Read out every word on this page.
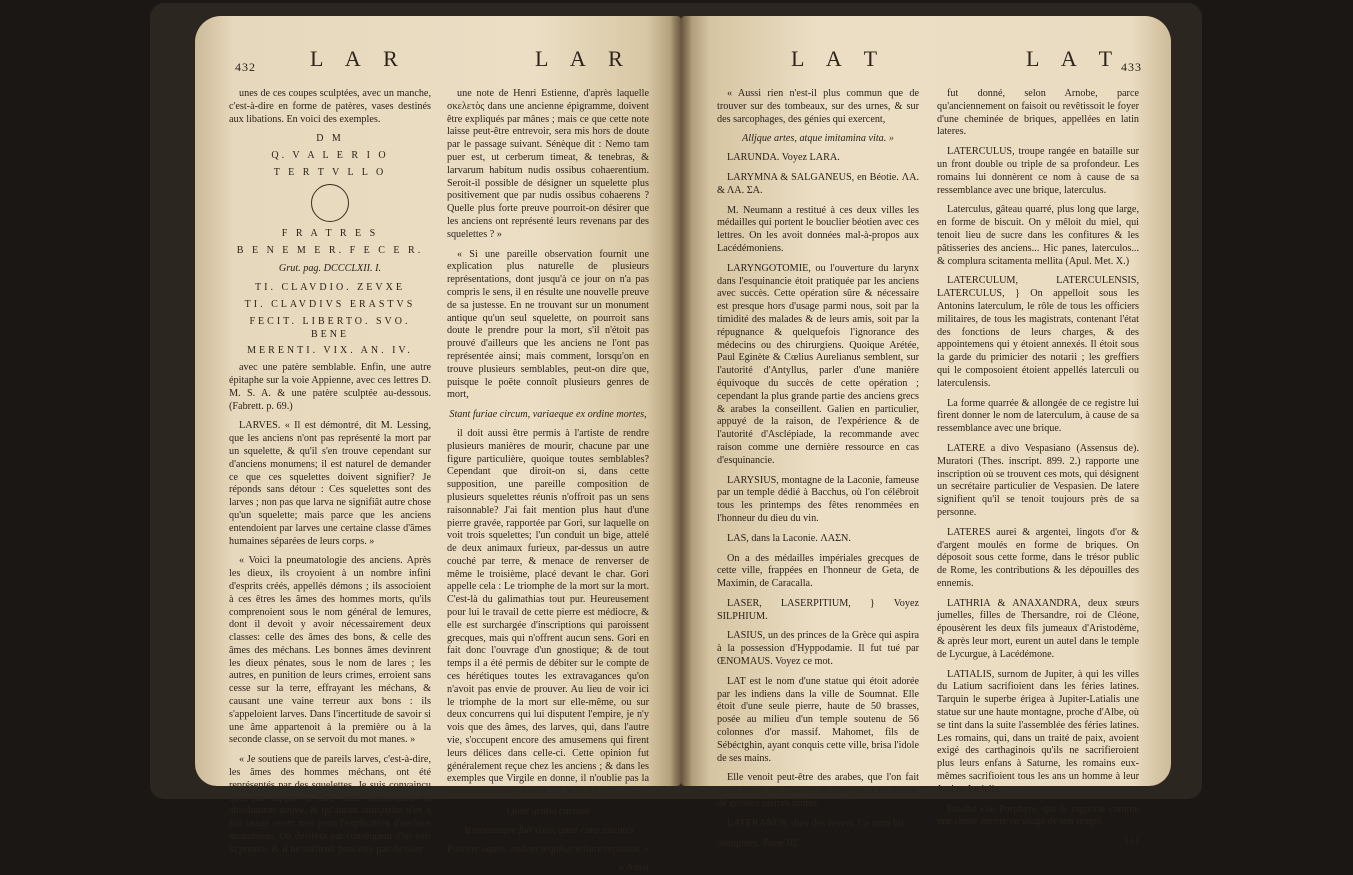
432 L A R	L A R

unes de ces coupes sculptées, avec un manche, c'est-à-dire en forme de patères, vases destinés aux libations. En voici des exemples.

D M
Q. V A L E R I O
T E R T V L L O
F R A T R E S
B E N E M E R. F E C E R.
Grut. pag. DCCCLXII. I.
TI. CLAVDIO. ZEVXE
TI. CLAVDIVS ERASTVS
FECIT. LIBERTO. SVO. BENE
MERENTI. VIX. AN. IV.

avec une patère semblable. Enfin, une autre épitaphe sur la voie Appienne, avec ces lettres D. M. S. A. & une patère sculptée au-dessous. (Fabrett. p. 69.)

LARVES. « Il est démontré, dit M. Lessing, que les anciens n'ont pas représenté la mort par un squelette, & qu'il s'en trouve cependant sur d'anciens monumens; il est naturel de demander ce que ces squelettes doivent signifier? Je réponds sans détour : Ces squelettes sont des larves ; non pas que larva ne signifiât autre chose qu'un squelette; mais parce que les anciens entendoient par larves une certaine classe d'âmes humaines séparées de leurs corps. »

« Voici la pneumatologie des anciens. Après les dieux, ils croyoient à un nombre infini d'esprits créés, appellés démons ; ils associoient à ces êtres les âmes des hommes morts, qu'ils comprenoient sous le nom général de lemures, dont il devoit y avoir nécessairement deux classes: celle des âmes des bons, & celle des âmes des méchans. Les bonnes âmes devinrent les dieux pénates, sous le nom de lares ; les autres, en punition de leurs crimes, erroient sans cesse sur la terre, effrayant les méchans, & causant une vaine terreur aux bons : ils s'appeloient larves. Dans l'incertitude de savoir si une âme appartenoit à la première ou à la seconde classe, on se servoit du mot manes. »

« Je soutiens que de pareils larves, c'est-à-dire, les âmes des hommes méchans, ont été représentés par des squelettes. Je suis convaincu que, par rapport à l'art, cette observation est absolument neuve, & qu'aucun antiquaire n'en a fait usage avant moi pour l'explication d'anciens monumens. On désirera par conséquent d'en voir la preuve, & il ne suffiroit peut-être pas de citer

une note de Henri Estienne, d'après laquelle σκελετὸς dans une ancienne épigramme, doivent être expliqués par mânes ; mais ce que cette note laisse peut-être entrevoir, sera mis hors de doute par le passage suivant. Sénèque dit : Nemo tam puer est, ut cerberum timeat, & tenebras, & larvarum habitum nudis ossibus cohaerentium. Seroit-il possible de désigner un squelette plus positivement que par nudis ossibus cohaerens ? Quelle plus forte preuve pourroit-on désirer que les anciens ont représenté leurs revenans par des squelettes ? »

« Si une pareille observation fournit une explication plus naturelle de plusieurs représentations, dont jusqu'à ce jour on n'a pas compris le sens, il en résulte une nouvelle preuve de sa justesse. En ne trouvant sur un monument antique qu'un seul squelette, on pourroit sans doute le prendre pour la mort, s'il n'étoit pas prouvé d'ailleurs que les anciens ne l'ont pas représentée ainsi; mais comment, lorsqu'on en trouve plusieurs semblables, peut-on dire que, puisque le poëte connoît plusieurs genres de mort,

Stant furiae circum, variaeque ex ordine mortes,

il doit aussi être permis à l'artiste de rendre plusieurs manières de mourir, chacune par une figure particulière, quoique toutes semblables? Cependant que diroit-on si, dans cette supposition, une pareille composition de plusieurs squelettes réunis n'offroit pas un sens raisonnable? J'ai fait mention plus haut d'une pierre gravée, rapportée par Gori, sur laquelle on voit trois squelettes; l'un conduit un bige, attelé de deux animaux furieux, par-dessus un autre couché par terre, & menace de renverser de même le troisième, placé devant le char. Gori appelle cela : Le triomphe de la mort sur la mort. C'est-là du galimathias tout pur. Heureusement pour lui le travail de cette pierre est médiocre, & elle est surchargée d'inscriptions qui paroissent grecques, mais qui n'offrent aucun sens. Gori en fait donc l'ouvrage d'un gnostique; & de tout temps il a été permis de débiter sur le compte de ces hérétiques toutes les extravagances qu'on n'avoit pas envie de prouver. Au lieu de voir ici le triomphe de la mort sur elle-même, ou sur deux concurrens qui lui disputent l'empire, je n'y vois que des âmes, des larves, qui, dans l'autre vie, s'occupent encore des amusemens qui firent leurs délices dans celle-ci. Cette opinion fut généralement reçue chez les anciens ; & dans les exemples que Virgile en donne, il n'oublie pas la course des chars (Æneid. VI. v. 653.).

Quae gratia currum
Armorumque fuit vivis, quae cura nitentes
Pascere equos, eadem sequitur tellure repostos. »
« Aussi
L A T	L A T 433

« Aussi rien n'est-il plus commun que de trouver sur des tombeaux, sur des urnes, & sur des sarcophages, des génies qui exercent,

Alljque artes, atque imitamina vita. »

LARUNDA. Voyez LARA.

LARYMNA & SALGANEUS, en Béotie. ΛΑ. & ΛΑ. ΣΑ.

M. Neumann a restitué à ces deux villes les médailles qui portent le bouclier béotien avec ces lettres. On les avoit données mal-à-propos aux Lacédémoniens.

LARYNGOTOMIE, ou l'ouverture du larynx dans l'esquinancie étoit pratiquée par les anciens avec succès. Cette opération sûre & nécessaire est presque hors d'usage parmi nous, soit par la timidité des malades & de leurs amis, soit par la répugnance & quelquefois l'ignorance des médecins ou des chirurgiens. Quoique Arétée, Paul Eginète & Cœlius Aurelianus semblent, sur l'autorité d'Antyllus, parler d'une manière équivoque du succès de cette opération ; cependant la plus grande partie des anciens grecs & arabes la conseillent. Galien en particulier, appuyé de la raison, de l'expérience & de l'autorité d'Asclépiade, la recommande avec raison comme une dernière ressource en cas d'esquinancie.

LARYSIUS, montagne de la Laconie, fameuse par un temple dédié à Bacchus, où l'on célébroit tous les printemps des fêtes renommées en l'honneur du dieu du vin.

LAS, dans la Laconie. ΛΑΣΝ.

On a des médailles impériales grecques de cette ville, frappées en l'honneur de Geta, de Maximin, de Caracalla.

LASER, LASERPITIUM, } Voyez SILPHIUM.

LASIUS, un des princes de la Grèce qui aspira à la possession d'Hyppodamie. Il fut tué par ŒNOMAUS. Voyez ce mot.

LAT est le nom d'une statue qui étoit adorée par les indiens dans la ville de Soumnat. Elle étoit d'une seule pierre, haute de 50 brasses, posée au milieu d'un temple soutenu de 56 colonnes d'or massif. Mahomet, fils de Sébéctghin, ayant conquis cette ville, brisa l'idole de ses mains.

Elle venoit peut-être des arabes, que l'on fait avoir adoré des Abadirs ou Bœtyles, c'est-à-dire, de grosses pierres brutes.

LATERANUS, dieu des foyers. Ce nom lui

Antiquités. Tome III.

fut donné, selon Arnobe, parce qu'anciennement on faisoit ou revêtissoit le foyer d'une cheminée de briques, appellées en latin lateres.

LATERCULUS, troupe rangée en bataille sur un front double ou triple de sa profondeur. Les romains lui donnèrent ce nom à cause de sa ressemblance avec une brique, laterculus.

Laterculus, gâteau quarré, plus long que large, en forme de biscuit. On y mêloit du miel, qui tenoit lieu de sucre dans les confitures & les pâtisseries des anciens... Hic panes, laterculos... & complura scitamenta mellita (Apul. Met. X.)

LATERCULUM, LATERCULENSIS, LATERCULUS, } On appelloit sous les Antonins laterculum, le rôle de tous les officiers militaires, de tous les magistrats, contenant l'état des fonctions de leurs charges, & des appointemens qui y étoient annexés. Il étoit sous la garde du primicier des notarii ; les greffiers qui le composoient étoient appellés laterculi ou laterculensis.

La forme quarrée & allongée de ce registre lui firent donner le nom de laterculum, à cause de sa ressemblance avec une brique.

LATERE a divo Vespasiano (Assensus de). Muratori (Thes. inscript. 899. 2.) rapporte une inscription où se trouvent ces mots, qui désignent un secrétaire particulier de Vespasien. De latere signifient qu'il se tenoit toujours près de sa personne.

LATERES aurei & argentei, lingots d'or & d'argent moulés en forme de briques. On déposoit sous cette forme, dans le trésor public de Rome, les contributions & les dépouilles des ennemis.

LATHRIA & ANAXANDRA, deux sœurs jumelles, filles de Thersandre, roi de Cléone, épousèrent les deux fils jumeaux d'Aristodème, & après leur mort, eurent un autel dans le temple de Lycurgue, à Lacédémone.

LATIALIS, surnom de Jupiter, à qui les villes du Latium sacrifioient dans les féries latines. Tarquin le superbe érigea à Jupiter-Latialis une statue sur une haute montagne, proche d'Albe, où se tint dans la suite l'assemblée des féries latines. Les romains, qui, dans un traité de paix, avoient exigé des carthaginois qu'ils ne sacrifieroient plus leurs enfans à Saturne, les romains eux-mêmes sacrifioient tous les ans un homme à leur Jupiter-Latialis.

Eusèbe cite Porphyre, qui le rapporte comme une chose encore en usage de son temps.

I i i
